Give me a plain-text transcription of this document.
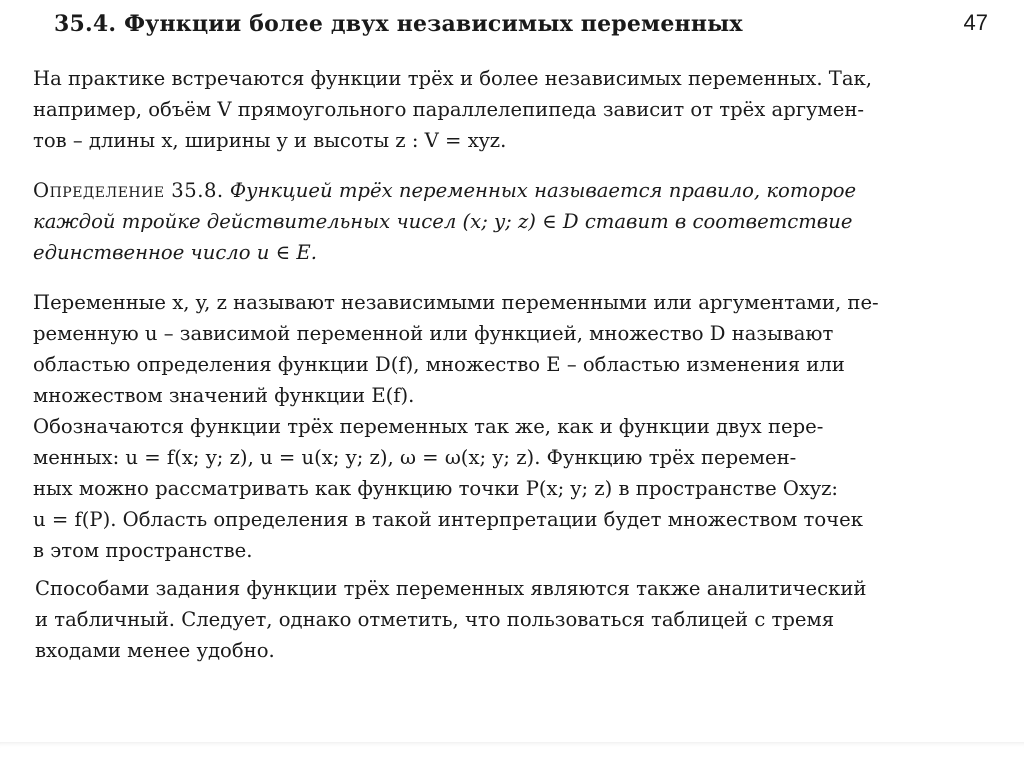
35.4. Функции более двух независимых переменных	47
На практике встречаются функции трёх и более независимых переменных. Так,
например, объём V прямоугольного параллелепипеда зависит от трёх аргумен-
тов – длины x, ширины y и высоты z : V = xyz.
Определение 35.8. Функцией трёх переменных называется правило, которое
каждой тройке действительных чисел (x; y; z) ∈ D ставит в соответствие
единственное число u ∈ E.
Переменные x, y, z называют независимыми переменными или аргументами, пе-
ременную u – зависимой переменной или функцией, множество D называют
областью определения функции D(f), множество E – областью изменения или
множеством значений функции E(f).
Обозначаются функции трёх переменных так же, как и функции двух пере-
менных: u = f(x; y; z), u = u(x; y; z), ω = ω(x; y; z). Функцию трёх перемен-
ных можно рассматривать как функцию точки P(x; y; z) в пространстве Oxyz:
u = f(P). Область определения в такой интерпретации будет множеством точек
в этом пространстве.
Способами задания функции трёх переменных являются также аналитический
и табличный. Следует, однако отметить, что пользоваться таблицей с тремя
входами менее удобно.
